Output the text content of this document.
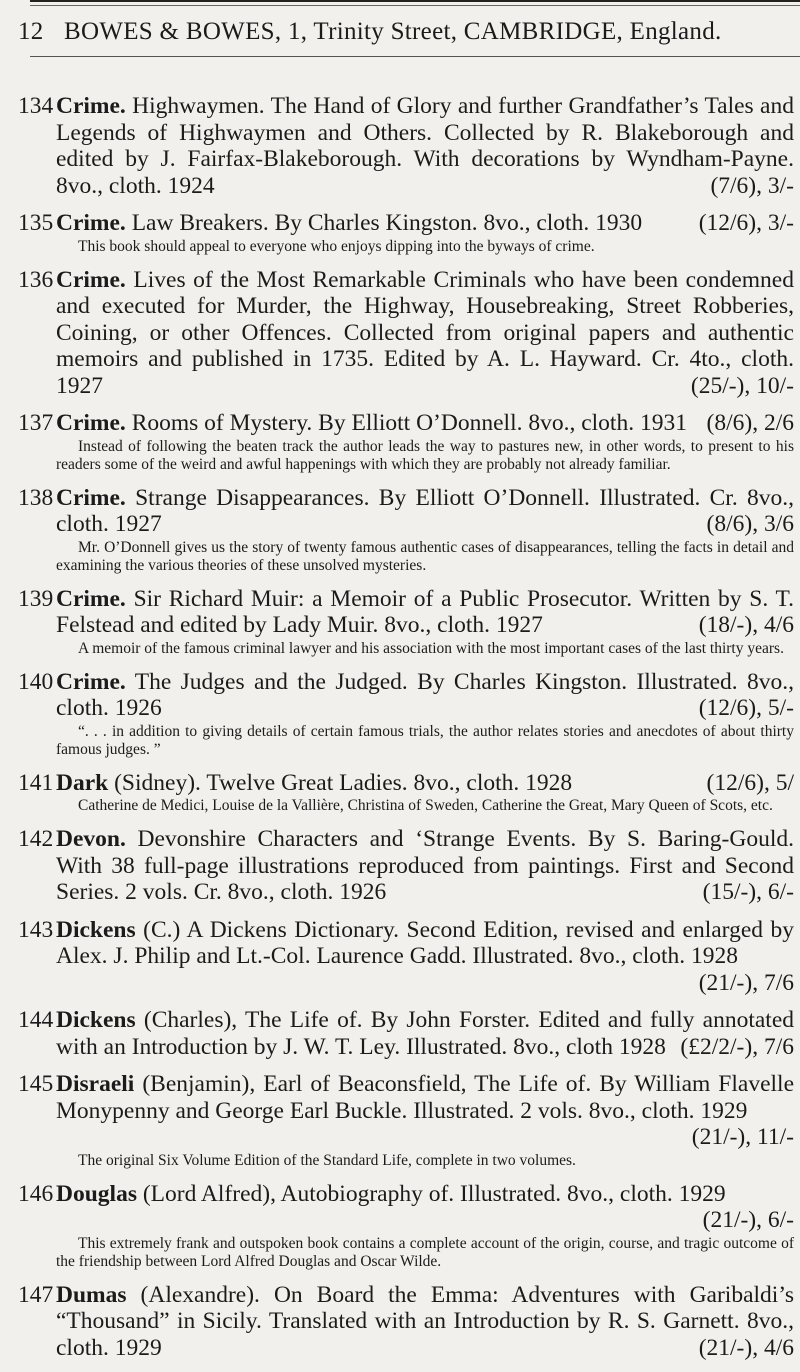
12 BOWES & BOWES, 1, Trinity Street, CAMBRIDGE, England.
134 Crime. Highwaymen. The Hand of Glory and further Grandfather’s Tales and Legends of Highwaymen and Others. Collected by R. Blakeborough and edited by J. Fairfax-Blakeborough. With decorations by Wyndham-Payne. 8vo., cloth. 1924	(7/6), 3/-
135 Crime. Law Breakers. By Charles Kingston. 8vo., cloth. 1930 (12/6), 3/-
This book should appeal to everyone who enjoys dipping into the byways of crime.
136 Crime. Lives of the Most Remarkable Criminals who have been condemned and executed for Murder, the Highway, Housebreaking, Street Robberies, Coining, or other Offences. Collected from original papers and authentic memoirs and published in 1735. Edited by A. L. Hayward. Cr. 4to., cloth. 1927	(25/-), 10/-
137 Crime. Rooms of Mystery. By Elliott O’Donnell. 8vo., cloth. 1931 (8/6), 2/6
Instead of following the beaten track the author leads the way to pastures new, in other words, to present to his readers some of the weird and awful happenings with which they are probably not already familiar.
138 Crime. Strange Disappearances. By Elliott O’Donnell. Illustrated. Cr. 8vo., cloth. 1927	(8/6), 3/6
Mr. O’Donnell gives us the story of twenty famous authentic cases of disappearances, telling the facts in detail and examining the various theories of these unsolved mysteries.
139 Crime. Sir Richard Muir: a Memoir of a Public Prosecutor. Written by S. T. Felstead and edited by Lady Muir. 8vo., cloth. 1927	(18/-), 4/6
A memoir of the famous criminal lawyer and his association with the most important cases of the last thirty years.
140 Crime. The Judges and the Judged. By Charles Kingston. Illustrated. 8vo., cloth. 1926	(12/6), 5/-
“. . . in addition to giving details of certain famous trials, the author relates stories and anecdotes of about thirty famous judges. ”
141 Dark (Sidney). Twelve Great Ladies. 8vo., cloth. 1928	(12/6), 5/
Catherine de Medici, Louise de la Vallière, Christina of Sweden, Catherine the Great, Mary Queen of Scots, etc.
142 Devon. Devonshire Characters and ‘Strange Events. By S. Baring-Gould. With 38 full-page illustrations reproduced from paintings. First and Second Series. 2 vols. Cr. 8vo., cloth. 1926	(15/-), 6/-
143 Dickens (C.) A Dickens Dictionary. Second Edition, revised and enlarged by Alex. J. Philip and Lt.-Col. Laurence Gadd. Illustrated. 8vo., cloth. 1928
(21/-), 7/6
144 Dickens (Charles), The Life of. By John Forster. Edited and fully annotated with an Introduction by J. W. T. Ley. Illustrated. 8vo., cloth 1928 (£2/2/-), 7/6
145 Disraeli (Benjamin), Earl of Beaconsfield, The Life of. By William Flavelle Monypenny and George Earl Buckle. Illustrated. 2 vols. 8vo., cloth. 1929
(21/-), 11/-
The original Six Volume Edition of the Standard Life, complete in two volumes.
146 Douglas (Lord Alfred), Autobiography of. Illustrated. 8vo., cloth. 1929
(21/-), 6/-
This extremely frank and outspoken book contains a complete account of the origin, course, and tragic outcome of the friendship between Lord Alfred Douglas and Oscar Wilde.
147 Dumas (Alexandre). On Board the Emma: Adventures with Garibaldi’s “Thousand” in Sicily. Translated with an Introduction by R. S. Garnett. 8vo., cloth. 1929	(21/-), 4/6
